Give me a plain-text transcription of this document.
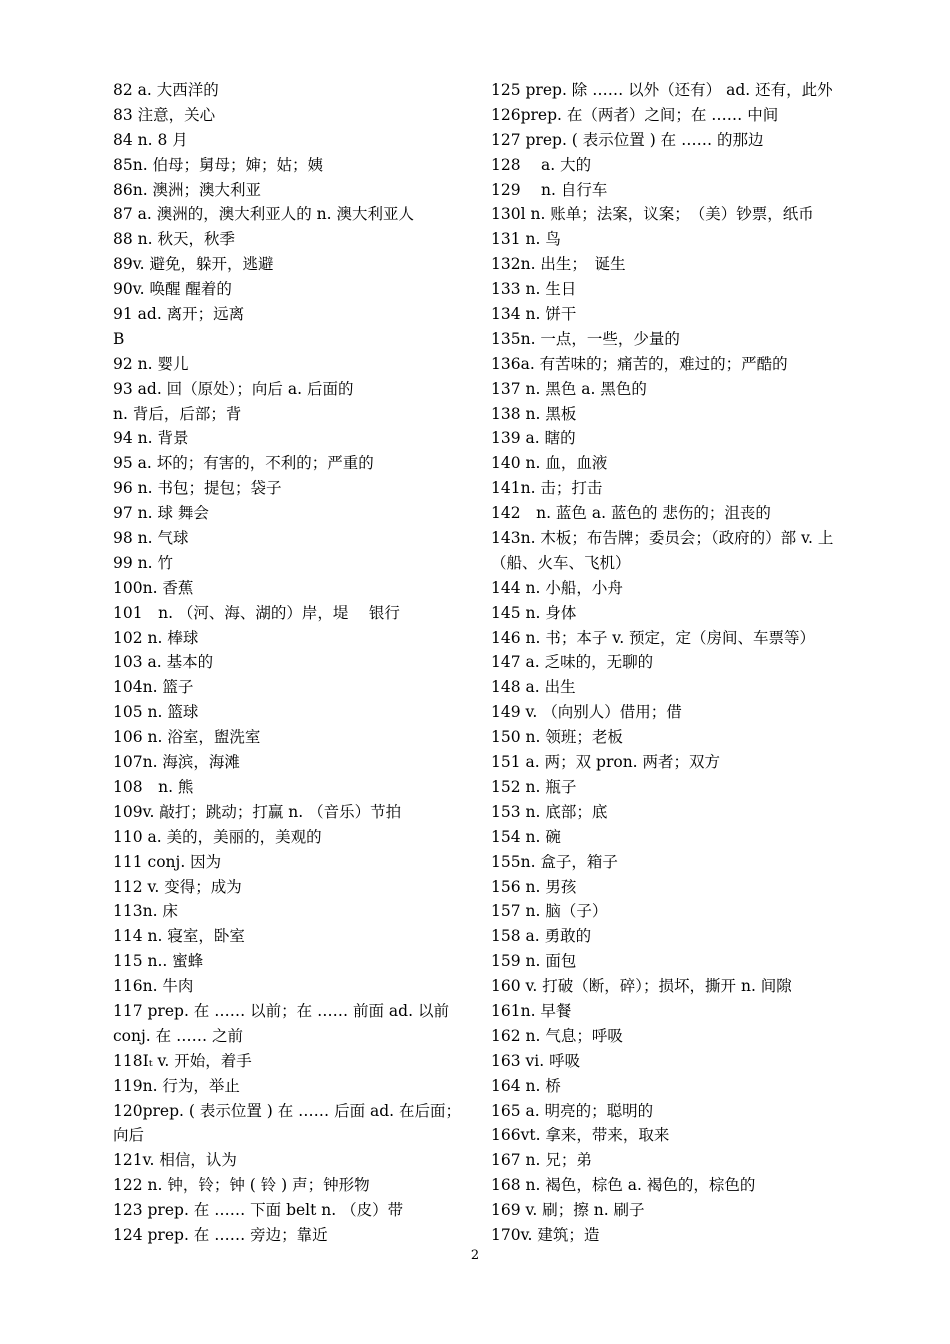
82 a. 大西洋的
83 注意，关心
84 n. 8 月
85n. 伯母；舅母；婶；姑；姨
86n. 澳洲；澳大利亚
87 a. 澳洲的，澳大利亚人的 n. 澳大利亚人
88 n. 秋天，秋季
89v. 避免，躲开，逃避
90v. 唤醒 醒着的
91 ad. 离开；远离
B
92 n. 婴儿
93 ad. 回（原处）；向后 a. 后面的
n. 背后，后部；背
94 n. 背景
95 a. 坏的；有害的，不利的；严重的
96 n. 书包；提包；袋子
97 n. 球 舞会
98 n. 气球
99 n. 竹
100n. 香蕉
101　n. （河、海、湖的）岸，堤　 银行
102 n. 棒球
103 a. 基本的
104n. 篮子
105 n. 篮球
106 n. 浴室，盥洗室
107n. 海滨，海滩
108　n. 熊
109v. 敲打；跳动；打赢 n. （音乐）节拍
110 a. 美的，美丽的，美观的
111 conj. 因为
112 v. 变得；成为
113n. 床
114 n. 寝室，卧室
115 n.. 蜜蜂
116n. 牛肉
117 prep. 在 …… 以前；在 …… 前面 ad. 以前
conj. 在 …… 之前
118Iₜ v. 开始，着手
119n. 行为，举止
120prep. ( 表示位置 ) 在 …… 后面 ad. 在后面；
向后
121v. 相信，认为
122 n. 钟，铃；钟 ( 铃 ) 声；钟形物
123 prep. 在 …… 下面 belt n. （皮）带
124 prep. 在 …… 旁边；靠近
125 prep. 除 …… 以外（还有） ad. 还有，此外
126prep. 在（两者）之间；在 …… 中间
127 prep. ( 表示位置 ) 在 …… 的那边
128　 a. 大的
129　 n. 自行车
130l n. 账单；法案，议案；　（美）钞票，纸币
131 n. 鸟
132n. 出生；　诞生
133 n. 生日
134 n. 饼干
135n. 一点，一些，少量的
136a. 有苦味的；痛苦的，难过的；严酷的
137 n. 黑色 a. 黑色的
138 n. 黑板
139 a. 瞎的
140 n. 血，血液
141n. 击；打击
142　n. 蓝色 a. 蓝色的 悲伤的；沮丧的
143n. 木板；布告牌；委员会；（政府的）部 v. 上
（船、火车、飞机）
144 n. 小船，小舟
145 n. 身体
146 n. 书；本子 v. 预定，定（房间、车票等）
147 a. 乏味的，无聊的
148 a. 出生
149 v. （向别人）借用；借
150 n. 领班；老板
151 a. 两；双 pron. 两者；双方
152 n. 瓶子
153 n. 底部；底
154 n. 碗
155n. 盒子，箱子
156 n. 男孩
157 n. 脑（子）
158 a. 勇敢的
159 n. 面包
160 v. 打破（断，碎）；损坏，撕开 n. 间隙
161n. 早餐
162 n. 气息；呼吸
163 vi. 呼吸
164 n. 桥
165 a. 明亮的；聪明的
166vt. 拿来，带来，取来
167 n. 兄；弟
168 n. 褐色，棕色 a. 褐色的，棕色的
169 v. 刷；擦 n. 刷子
170v. 建筑；造
2
